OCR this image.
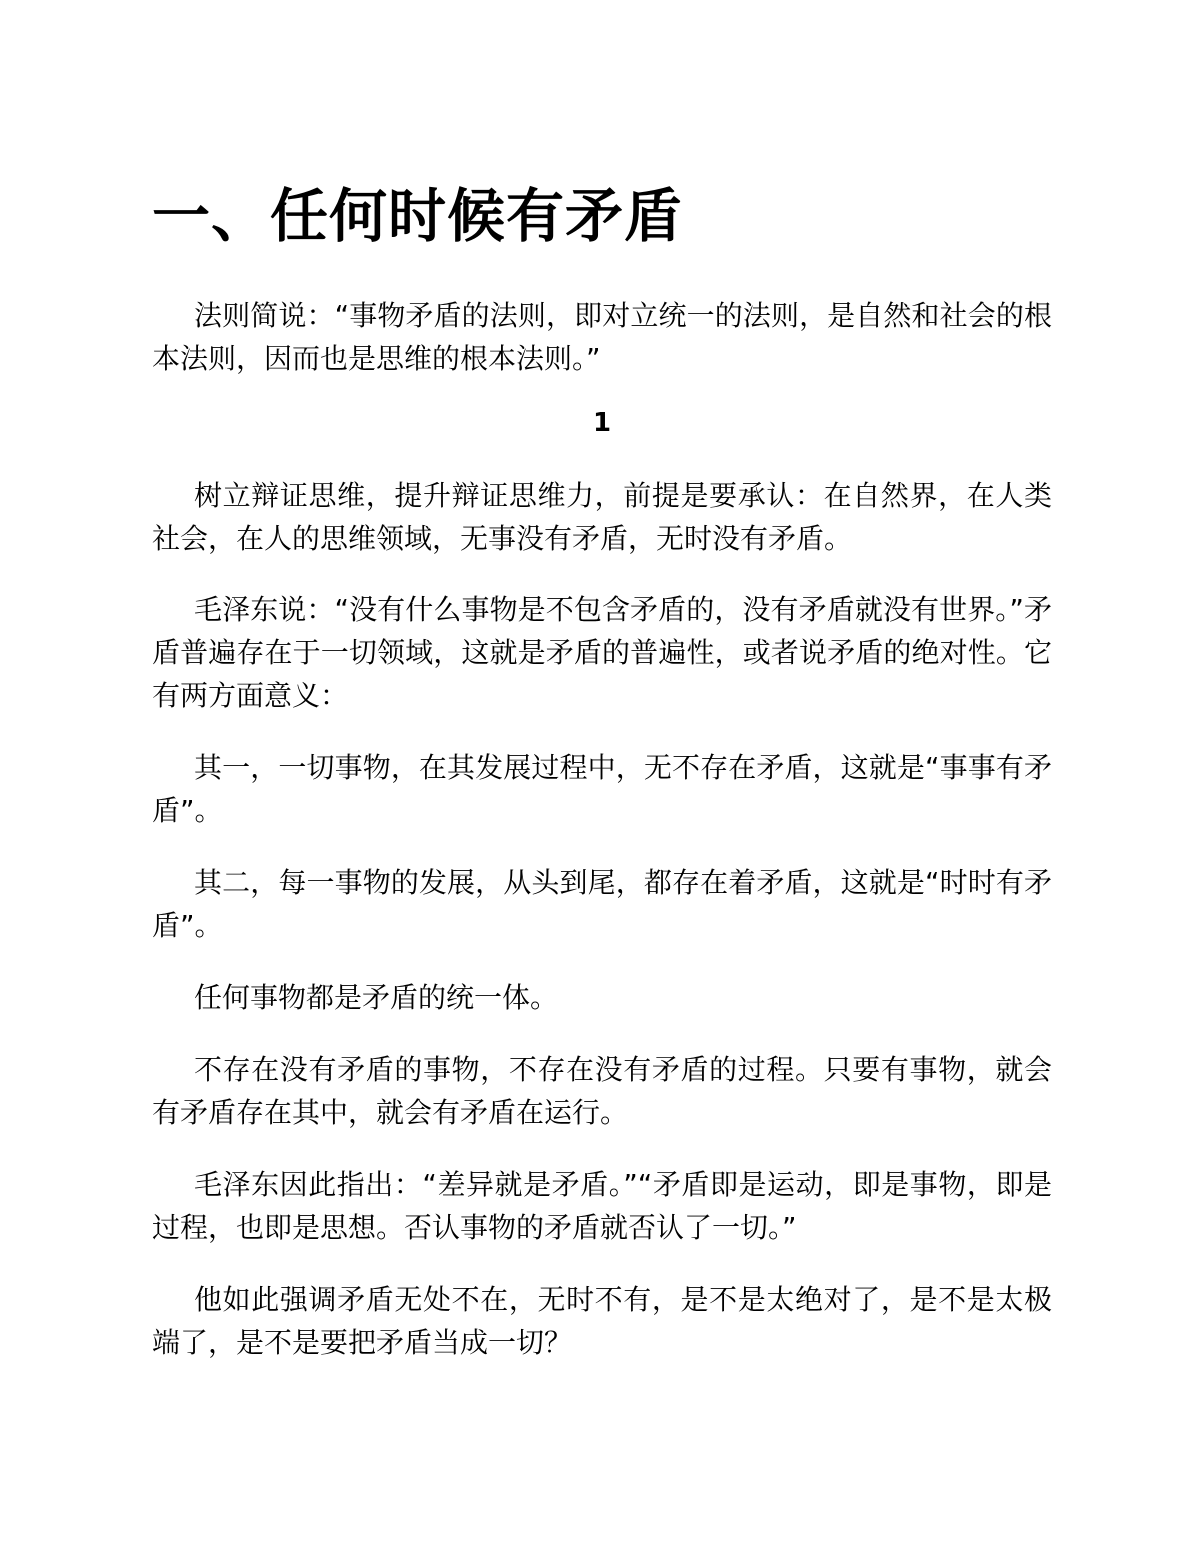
一、任何时候有矛盾

法则简说：“事物矛盾的法则，即对立统一的法则，是自然和社会的根本法则，因而也是思维的根本法则。”

1

树立辩证思维，提升辩证思维力，前提是要承认：在自然界，在人类社会，在人的思维领域，无事没有矛盾，无时没有矛盾。

毛泽东说：“没有什么事物是不包含矛盾的，没有矛盾就没有世界。”矛盾普遍存在于一切领域，这就是矛盾的普遍性，或者说矛盾的绝对性。它有两方面意义：

其一，一切事物，在其发展过程中，无不存在矛盾，这就是“事事有矛盾”。

其二，每一事物的发展，从头到尾，都存在着矛盾，这就是“时时有矛盾”。

任何事物都是矛盾的统一体。

不存在没有矛盾的事物，不存在没有矛盾的过程。只要有事物，就会有矛盾存在其中，就会有矛盾在运行。

毛泽东因此指出：“差异就是矛盾。”“矛盾即是运动，即是事物，即是过程，也即是思想。否认事物的矛盾就否认了一切。”

他如此强调矛盾无处不在，无时不有，是不是太绝对了，是不是太极端了，是不是要把矛盾当成一切？
